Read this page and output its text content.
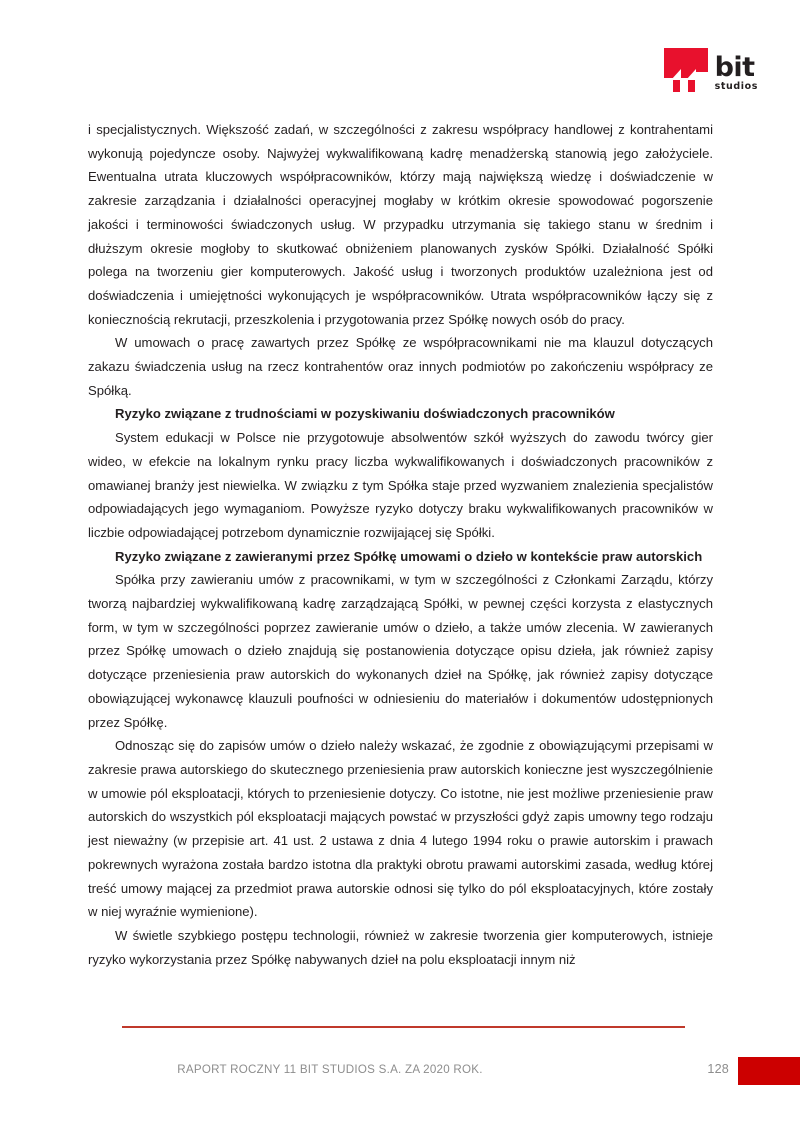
bit
studios

i specjalistycznych. Większość zadań, w szczególności z zakresu współpracy handlowej z kontrahentami wykonują pojedyncze osoby. Najwyżej wykwalifikowaną kadrę menadżerską stanowią jego założyciele. Ewentualna utrata kluczowych współpracowników, którzy mają największą wiedzę i doświadczenie w zakresie zarządzania i działalności operacyjnej mogłaby w krótkim okresie spowodować pogorszenie jakości i terminowości świadczonych usług. W przypadku utrzymania się takiego stanu w średnim i dłuższym okresie mogłoby to skutkować obniżeniem planowanych zysków Spółki. Działalność Spółki polega na tworzeniu gier komputerowych. Jakość usług i tworzonych produktów uzależniona jest od doświadczenia i umiejętności wykonujących je współpracowników. Utrata współpracowników łączy się z koniecznością rekrutacji, przeszkolenia i przygotowania przez Spółkę nowych osób do pracy.

W umowach o pracę zawartych przez Spółkę ze współpracownikami nie ma klauzul dotyczących zakazu świadczenia usług na rzecz kontrahentów oraz innych podmiotów po zakończeniu współpracy ze Spółką.

Ryzyko związane z trudnościami w pozyskiwaniu doświadczonych pracowników

System edukacji w Polsce nie przygotowuje absolwentów szkół wyższych do zawodu twórcy gier wideo, w efekcie na lokalnym rynku pracy liczba wykwalifikowanych i doświadczonych pracowników z omawianej branży jest niewielka. W związku z tym Spółka staje przed wyzwaniem znalezienia specjalistów odpowiadających jego wymaganiom. Powyższe ryzyko dotyczy braku wykwalifikowanych pracowników w liczbie odpowiadającej potrzebom dynamicznie rozwijającej się Spółki.

Ryzyko związane z zawieranymi przez Spółkę umowami o dzieło w kontekście praw autorskich

Spółka przy zawieraniu umów z pracownikami, w tym w szczególności z Członkami Zarządu, którzy tworzą najbardziej wykwalifikowaną kadrę zarządzającą Spółki, w pewnej części korzysta z elastycznych form, w tym w szczególności poprzez zawieranie umów o dzieło, a także umów zlecenia. W zawieranych przez Spółkę umowach o dzieło znajdują się postanowienia dotyczące opisu dzieła, jak również zapisy dotyczące przeniesienia praw autorskich do wykonanych dzieł na Spółkę, jak również zapisy dotyczące obowiązującej wykonawcę klauzuli poufności w odniesieniu do materiałów i dokumentów udostępnionych przez Spółkę.

Odnosząc się do zapisów umów o dzieło należy wskazać, że zgodnie z obowiązującymi przepisami w zakresie prawa autorskiego do skutecznego przeniesienia praw autorskich konieczne jest wyszczególnienie w umowie pól eksploatacji, których to przeniesienie dotyczy. Co istotne, nie jest możliwe przeniesienie praw autorskich do wszystkich pól eksploatacji mających powstać w przyszłości gdyż zapis umowny tego rodzaju jest nieważny (w przepisie art. 41 ust. 2 ustawa z dnia 4 lutego 1994 roku o prawie autorskim i prawach pokrewnych wyrażona została bardzo istotna dla praktyki obrotu prawami autorskimi zasada, według której treść umowy mającej za przedmiot prawa autorskie odnosi się tylko do pól eksploatacyjnych, które zostały w niej wyraźnie wymienione).

W świetle szybkiego postępu technologii, również w zakresie tworzenia gier komputerowych, istnieje ryzyko wykorzystania przez Spółkę nabywanych dzieł na polu eksploatacji innym niż

RAPORT ROCZNY 11 BIT STUDIOS S.A. ZA 2020 ROK.	128
